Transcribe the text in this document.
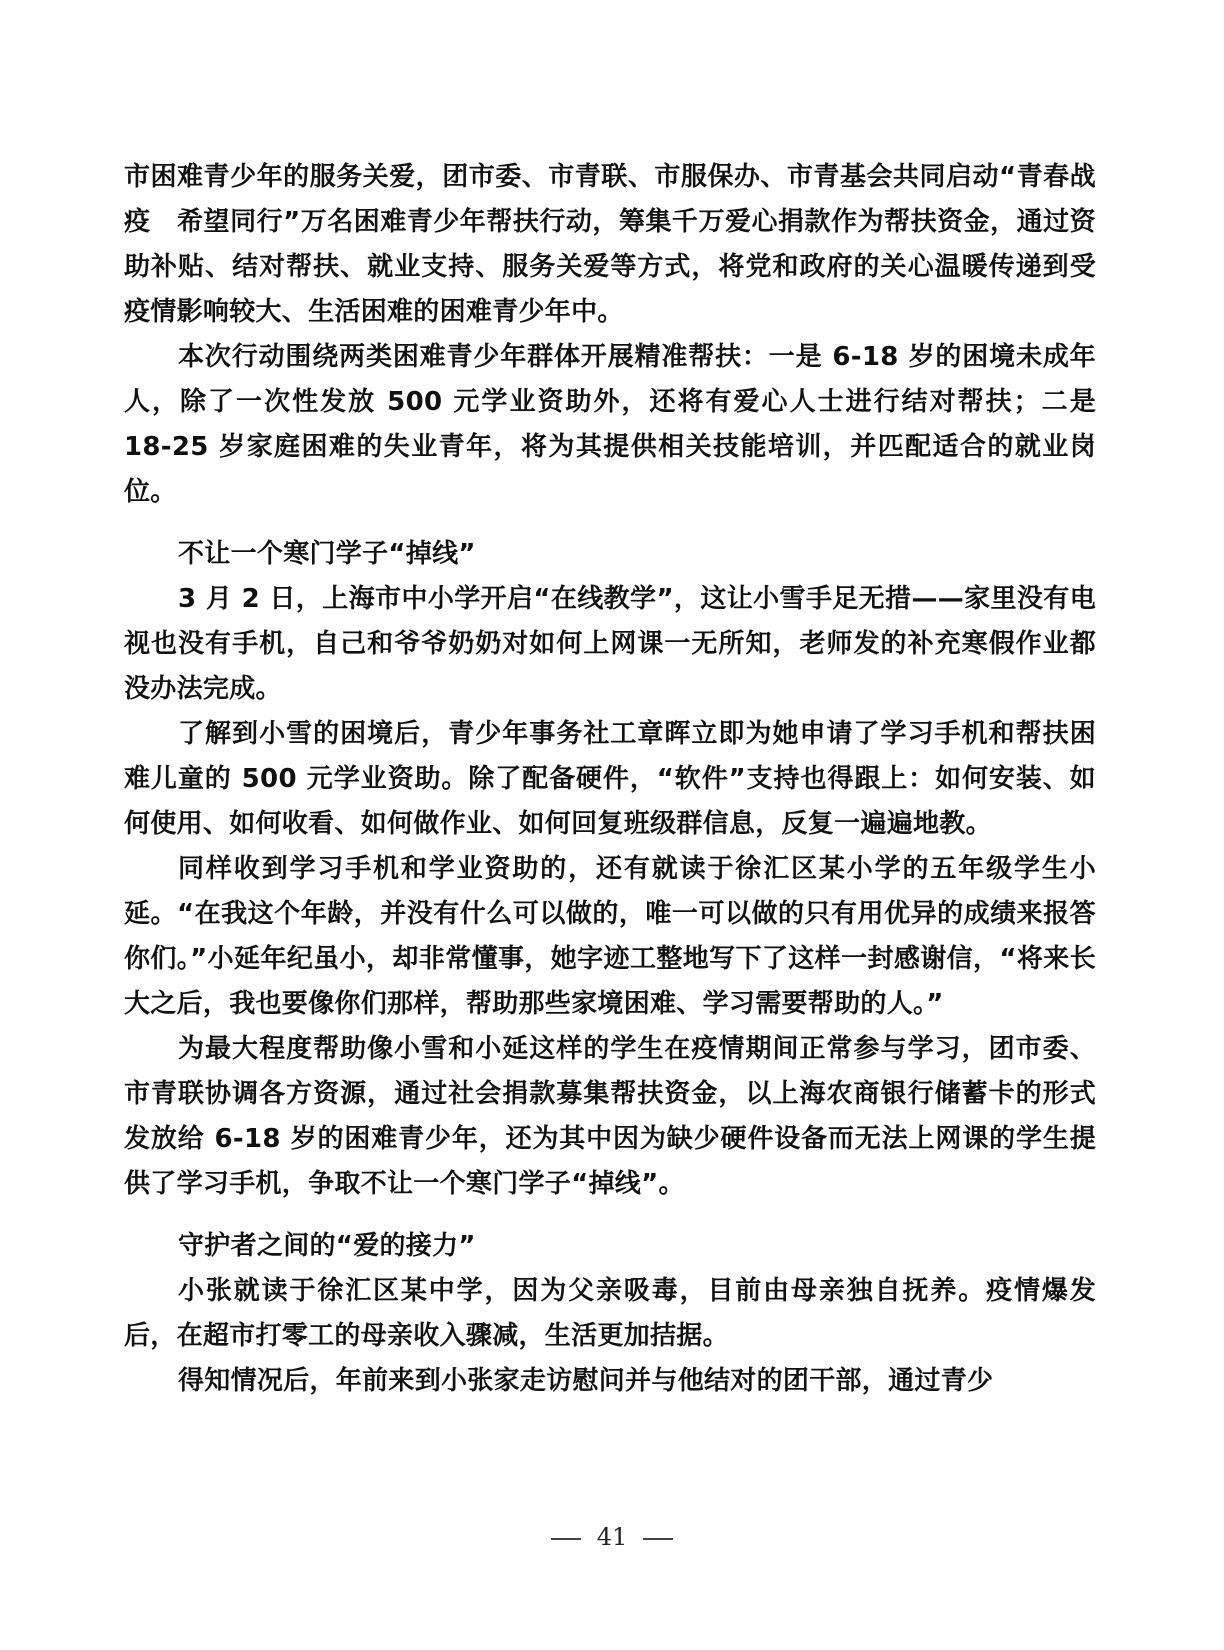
市困难青少年的服务关爱，团市委、市青联、市服保办、市青基会共同启动“青春战疫　希望同行”万名困难青少年帮扶行动，筹集千万爱心捐款作为帮扶资金，通过资助补贴、结对帮扶、就业支持、服务关爱等方式，将党和政府的关心温暖传递到受疫情影响较大、生活困难的困难青少年中。

本次行动围绕两类困难青少年群体开展精准帮扶：一是 6-18 岁的困境未成年人，除了一次性发放 500 元学业资助外，还将有爱心人士进行结对帮扶；二是 18-25 岁家庭困难的失业青年，将为其提供相关技能培训，并匹配适合的就业岗位。

不让一个寒门学子“掉线”

3 月 2 日，上海市中小学开启“在线教学”，这让小雪手足无措——家里没有电视也没有手机，自己和爷爷奶奶对如何上网课一无所知，老师发的补充寒假作业都没办法完成。

了解到小雪的困境后，青少年事务社工章晖立即为她申请了学习手机和帮扶困难儿童的 500 元学业资助。除了配备硬件，“软件”支持也得跟上：如何安装、如何使用、如何收看、如何做作业、如何回复班级群信息，反复一遍遍地教。

同样收到学习手机和学业资助的，还有就读于徐汇区某小学的五年级学生小延。“在我这个年龄，并没有什么可以做的，唯一可以做的只有用优异的成绩来报答你们。”小延年纪虽小，却非常懂事，她字迹工整地写下了这样一封感谢信，“将来长大之后，我也要像你们那样，帮助那些家境困难、学习需要帮助的人。”

为最大程度帮助像小雪和小延这样的学生在疫情期间正常参与学习，团市委、市青联协调各方资源，通过社会捐款募集帮扶资金，以上海农商银行储蓄卡的形式发放给 6-18 岁的困难青少年，还为其中因为缺少硬件设备而无法上网课的学生提供了学习手机，争取不让一个寒门学子“掉线”。

守护者之间的“爱的接力”

小张就读于徐汇区某中学，因为父亲吸毒，目前由母亲独自抚养。疫情爆发后，在超市打零工的母亲收入骤减，生活更加拮据。

得知情况后，年前来到小张家走访慰问并与他结对的团干部，通过青少

41
